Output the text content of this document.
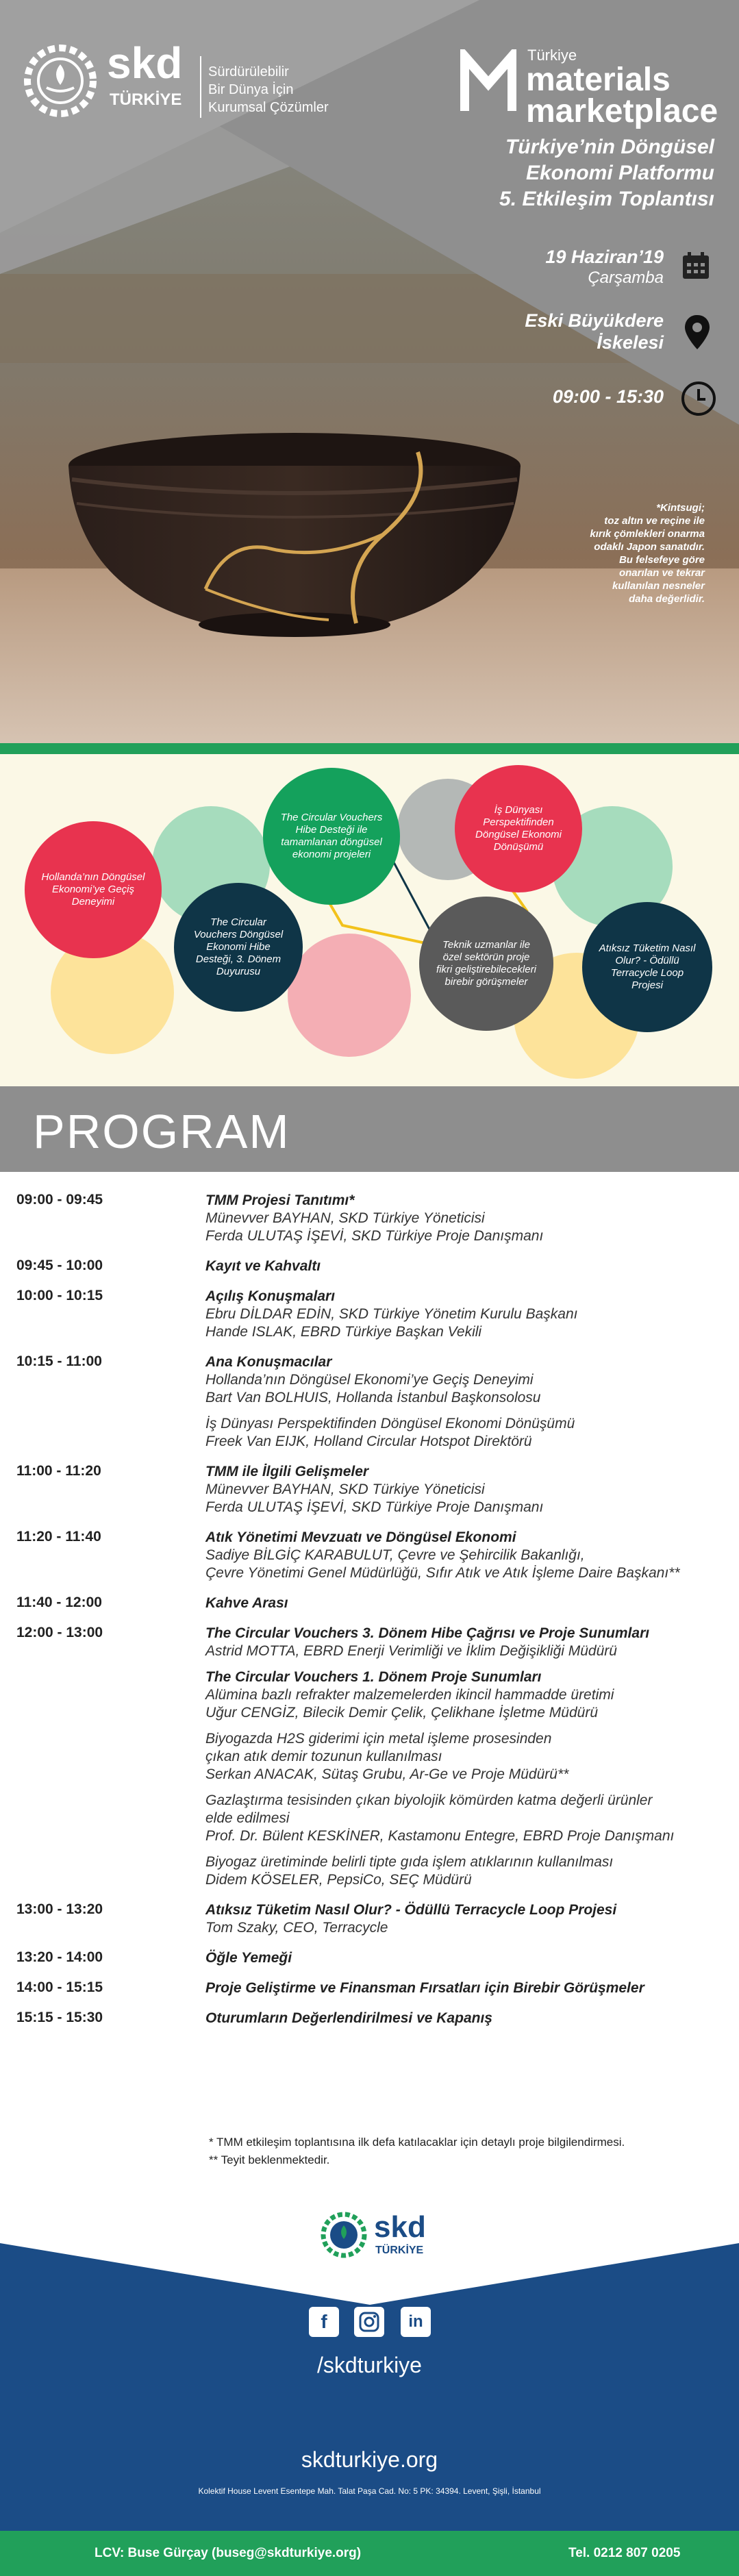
skd
TÜRKİYE
Sürdürülebilir
Bir Dünya İçin
Kurumsal Çözümler
Türkiye
materials
marketplace
Türkiye’nin Döngüsel
Ekonomi Platformu
5. Etkileşim Toplantısı
19 Haziran’19
Çarşamba
Eski Büyükdere
İskelesi
09:00 - 15:30
*Kintsugi;
toz altın ve reçine ile
kırık çömlekleri onarma
odaklı Japon sanatıdır.
Bu felsefeye göre
onarılan ve tekrar
kullanılan nesneler
daha değerlidir.
Hollanda’nın Döngüsel Ekonomi’ye Geçiş Deneyimi
The Circular Vouchers Döngüsel Ekonomi Hibe Desteği, 3. Dönem Duyurusu
The Circular Vouchers Hibe Desteği ile tamamlanan döngüsel ekonomi projeleri
Teknik uzmanlar ile özel sektörün proje fikri geliştirebilecekleri birebir görüşmeler
İş Dünyası Perspektifinden Döngüsel Ekonomi Dönüşümü
Atıksız Tüketim Nasıl Olur? - Ödüllü Terracycle Loop Projesi
PROGRAM
09:00 - 09:45	TMM Projesi Tanıtımı*
Münevver BAYHAN, SKD Türkiye Yöneticisi
Ferda ULUTAŞ İŞEVİ, SKD Türkiye Proje Danışmanı
09:45 - 10:00	Kayıt ve Kahvaltı
10:00 - 10:15	Açılış Konuşmaları
Ebru DİLDAR EDİN, SKD Türkiye Yönetim Kurulu Başkanı
Hande ISLAK, EBRD Türkiye Başkan Vekili
10:15 - 11:00	Ana Konuşmacılar
Hollanda’nın Döngüsel Ekonomi’ye Geçiş Deneyimi
Bart Van BOLHUIS, Hollanda İstanbul Başkonsolosu
İş Dünyası Perspektifinden Döngüsel Ekonomi Dönüşümü
Freek Van EIJK, Holland Circular Hotspot Direktörü
11:00 - 11:20	TMM ile İlgili Gelişmeler
Münevver BAYHAN, SKD Türkiye Yöneticisi
Ferda ULUTAŞ İŞEVİ, SKD Türkiye Proje Danışmanı
11:20 - 11:40	Atık Yönetimi Mevzuatı ve Döngüsel Ekonomi
Sadiye BİLGİÇ KARABULUT, Çevre ve Şehircilik Bakanlığı,
Çevre Yönetimi Genel Müdürlüğü, Sıfır Atık ve Atık İşleme Daire Başkanı**
11:40 - 12:00	Kahve Arası
12:00 - 13:00	The Circular Vouchers 3. Dönem Hibe Çağrısı ve Proje Sunumları
Astrid MOTTA, EBRD Enerji Verimliği ve İklim Değişikliği Müdürü
The Circular Vouchers 1. Dönem Proje Sunumları
Alümina bazlı refrakter malzemelerden ikincil hammadde üretimi
Uğur CENGİZ, Bilecik Demir Çelik, Çelikhane İşletme Müdürü
Biyogazda H2S giderimi için metal işleme prosesinden
çıkan atık demir tozunun kullanılması
Serkan ANACAK, Sütaş Grubu, Ar-Ge ve Proje Müdürü**
Gazlaştırma tesisinden çıkan biyolojik kömürden katma değerli ürünler
elde edilmesi
Prof. Dr. Bülent KESKİNER, Kastamonu Entegre, EBRD Proje Danışmanı
Biyogaz üretiminde belirli tipte gıda işlem atıklarının kullanılması
Didem KÖSELER, PepsiCo, SEÇ Müdürü
13:00 - 13:20	Atıksız Tüketim Nasıl Olur? - Ödüllü Terracycle Loop Projesi
Tom Szaky, CEO, Terracycle
13:20 - 14:00	Öğle Yemeği
14:00 - 15:15	Proje Geliştirme ve Finansman Fırsatları için Birebir Görüşmeler
15:15 - 15:30	Oturumların Değerlendirilmesi ve Kapanış
* TMM etkileşim toplantısına ilk defa katılacaklar için detaylı proje bilgilendirmesi.
** Teyit beklenmektedir.
skd
TÜRKİYE
f	in
/skdturkiye
skdturkiye.org
Kolektif House Levent Esentepe Mah. Talat Paşa Cad. No: 5 PK: 34394. Levent, Şişli, İstanbul
LCV: Buse Gürçay (buseg@skdturkiye.org)	Tel. 0212 807 0205
